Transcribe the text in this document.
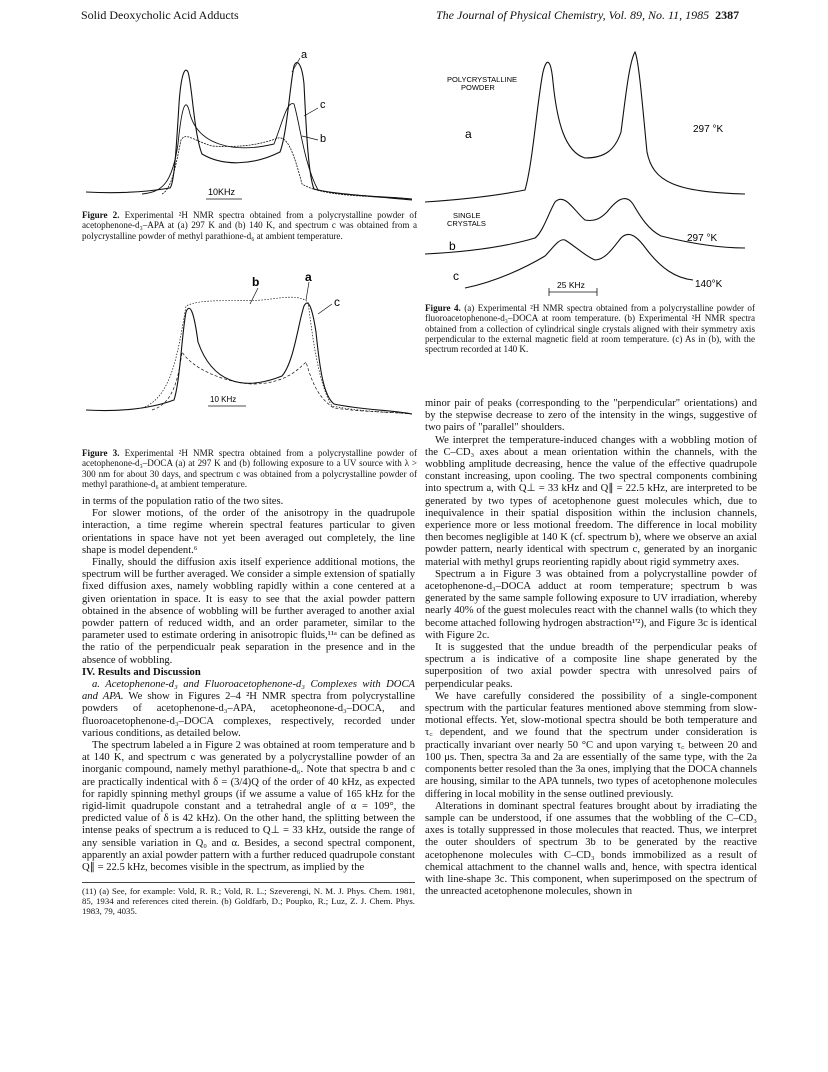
Solid Deoxycholic Acid Adducts	The Journal of Physical Chemistry, Vol. 89, No. 11, 1985 2387
a
c
b
10KHz
Figure 2. Experimental ²H NMR spectra obtained from a polycrystalline powder of acetophenone-d₃–APA at (a) 297 K and (b) 140 K, and spectrum c was obtained from a polycrystalline powder of methyl parathione-d₆ at ambient temperature.
b	a
c
10 KHz
Figure 3. Experimental ²H NMR spectra obtained from a polycrystalline powder of acetophenone-d₃–DOCA (a) at 297 K and (b) following exposure to a UV source with λ > 300 nm for about 30 days, and spectrum c was obtained from a polycrystalline powder of methyl parathione-d₆ at ambient temperature.
POLYCRYSTALLINE
POWDER
a	297 °K
SINGLE
CRYSTALS
b
297 °K
c
140°K
25 KHz
Figure 4. (a) Experimental ²H NMR spectra obtained from a polycrystalline powder of fluoroacetophenone-d₃–DOCA at room temperature. (b) Experimental ²H NMR spectra obtained from a collection of cylindrical single crystals aligned with their symmetry axis perpendicular to the external magnetic field at room temperature. (c) As in (b), with the spectrum recorded at 140 K.

in terms of the population ratio of the two sites.

For slower motions, of the order of the anisotropy in the quadrupole interaction, a time regime wherein spectral features particular to given orientations in space have not yet been averaged out completely, the line shape is model dependent.⁶

Finally, should the diffusion axis itself experience additional motions, the spectrum will be further averaged. We consider a simple extension of spatially fixed diffusion axes, namely wobbling rapidly within a cone centered at a given orientation in space. It is easy to see that the axial powder pattern obtained in the absence of wobbling will be further averaged to another axial powder pattern of reduced width, and an order parameter, similar to the parameter used to estimate ordering in anisotropic fluids,¹¹ᵃ can be defined as the ratio of the perpendicualr peak separation in the presence and in the absence of wobbling.

IV. Results and Discussion

a. Acetophenone-d₃ and Fluoroacetophenone-d₃ Complexes with DOCA and APA. We show in Figures 2–4 ²H NMR spectra from polycrystalline powders of acetophenone-d₃–APA, acetopheonone-d₃–DOCA, and fluoroacetophenone-d₃–DOCA complexes, respectively, recorded under various conditions, as detailed below.

The spectrum labeled a in Figure 2 was obtained at room temperature and b at 140 K, and spectrum c was generated by a polycrystalline powder of an inorganic compound, namely methyl parathione-d₆. Note that spectra b and c are practically indentical with δ = (3/4)Q of the order of 40 kHz, as expected for rapidly spinning methyl groups (if we assume a value of 165 kHz for the rigid-limit quadrupole constant and a tetrahedral angle of α = 109°, the predicted value of δ is 42 kHz). On the other hand, the splitting between the intense peaks of spectrum a is reduced to Q⊥ = 33 kHz, outside the range of any sensible variation in Q₀ and α. Besides, a second spectral component, apparently an axial powder pattern with a further reduced quadrupole constant Q∥ = 22.5 kHz, becomes visible in the spectrum, as implied by the

(11) (a) See, for example: Vold, R. R.; Vold, R. L.; Szeverengi, N. M. J. Phys. Chem. 1981, 85, 1934 and references cited therein. (b) Goldfarb, D.; Poupko, R.; Luz, Z. J. Chem. Phys. 1983, 79, 4035.

minor pair of peaks (corresponding to the "perpendicular" orientations) and by the stepwise decrease to zero of the intensity in the wings, suggestive of two pairs of "parallel" shoulders.

We interpret the temperature-induced changes with a wobbling motion of the C–CD₃ axes about a mean orientation within the channels, with the wobbling amplitude decreasing, hence the value of the effective quadrupole constant increasing, upon cooling. The two spectral components combining into spectrum a, with Q⊥ = 33 kHz and Q∥ = 22.5 kHz, are interpreted to be generated by two types of acetophenone guest molecules which, due to inequivalence in their spatial disposition within the inclusion channels, experience more or less motional freedom. The difference in local mobility then becomes negligible at 140 K (cf. spectrum b), where we observe an axial powder pattern, nearly identical with spectrum c, generated by an inorganic material with methyl grups reorienting rapidly about rigid symmetry axes.

Spectrum a in Figure 3 was obtained from a polycrystalline powder of acetophenone-d₃–DOCA adduct at room temperature; spectrum b was generated by the same sample following exposure to UV irradiation, whereby nearly 40% of the guest molecules react with the channel walls (to which they become attached following hydrogen abstraction¹'²), and Figure 3c is identical with Figure 2c.

It is suggested that the undue breadth of the perpendicular peaks of spectrum a is indicative of a composite line shape generated by the superposition of two axial powder spectra with unresolved pairs of perpendicular peaks.

We have carefully considered the possibility of a single-component spectrum with the particular features mentioned above stemming from slow-motional effects. Yet, slow-motional spectra should be both temperature and τ꜀ dependent, and we found that the spectrum under consideration is practically invariant over nearly 50 °C and upon varying τ꜀ between 20 and 100 μs. Then, spectra 3a and 2a are essentially of the same type, with the 2a components better resoled than the 3a ones, implying that the DOCA channels are housing, similar to the APA tunnels, two types of acetophenone molecules differing in local mobility in the sense outlined previously.

Alterations in dominant spectral features brought about by irradiating the sample can be understood, if one assumes that the wobbling of the C–CD₃ axes is totally suppressed in those molecules that reacted. Thus, we interpret the outer shoulders of spectrum 3b to be generated by the reactive acetophenone molecules with C–CD₃ bonds immobilized as a result of chemical attachment to the channel walls and, hence, with spectra identical with line-shape 3c. This component, when superimposed on the spectrum of the unreacted acetophenone molecules, shown in
